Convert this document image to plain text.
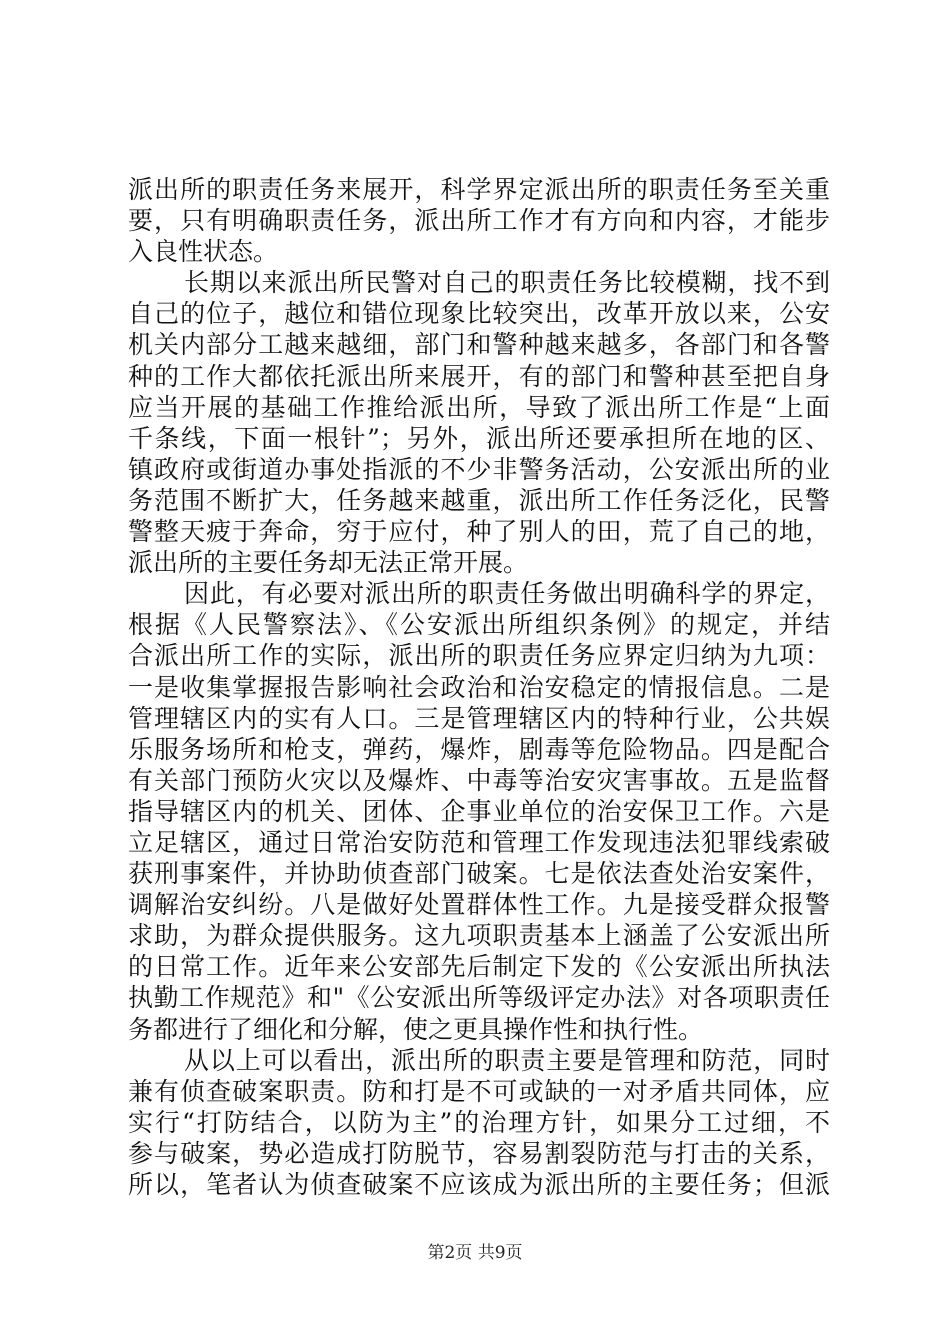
派出所的职责任务来展开，科学界定派出所的职责任务至关重
要，只有明确职责任务，派出所工作才有方向和内容，才能步
入良性状态。
长期以来派出所民警对自己的职责任务比较模糊，找不到
自己的位子，越位和错位现象比较突出，改革开放以来，公安
机关内部分工越来越细，部门和警种越来越多，各部门和各警
种的工作大都依托派出所来展开，有的部门和警种甚至把自身
应当开展的基础工作推给派出所，导致了派出所工作是“上面
千条线，下面一根针”；另外，派出所还要承担所在地的区、
镇政府或街道办事处指派的不少非警务活动，公安派出所的业
务范围不断扩大，任务越来越重，派出所工作任务泛化，民警
警整天疲于奔命，穷于应付，种了别人的田，荒了自己的地，
派出所的主要任务却无法正常开展。
因此，有必要对派出所的职责任务做出明确科学的界定，
根据《人民警察法》、《公安派出所组织条例》的规定，并结
合派出所工作的实际，派出所的职责任务应界定归纳为九项：
一是收集掌握报告影响社会政治和治安稳定的情报信息。二是
管理辖区内的实有人口。三是管理辖区内的特种行业，公共娱
乐服务场所和枪支，弹药，爆炸，剧毒等危险物品。四是配合
有关部门预防火灾以及爆炸、中毒等治安灾害事故。五是监督
指导辖区内的机关、团体、企事业单位的治安保卫工作。六是
立足辖区，通过日常治安防范和管理工作发现违法犯罪线索破
获刑事案件，并协助侦查部门破案。七是依法查处治安案件，
调解治安纠纷。八是做好处置群体性工作。九是接受群众报警
求助，为群众提供服务。这九项职责基本上涵盖了公安派出所
的日常工作。近年来公安部先后制定下发的《公安派出所执法
执勤工作规范》和"《公安派出所等级评定办法》对各项职责任
务都进行了细化和分解，使之更具操作性和执行性。
从以上可以看出，派出所的职责主要是管理和防范，同时
兼有侦查破案职责。防和打是不可或缺的一对矛盾共同体，应
实行“打防结合，以防为主”的治理方针，如果分工过细，不
参与破案，势必造成打防脱节，容易割裂防范与打击的关系，
所以，笔者认为侦查破案不应该成为派出所的主要任务；但派
第2页 共9页
